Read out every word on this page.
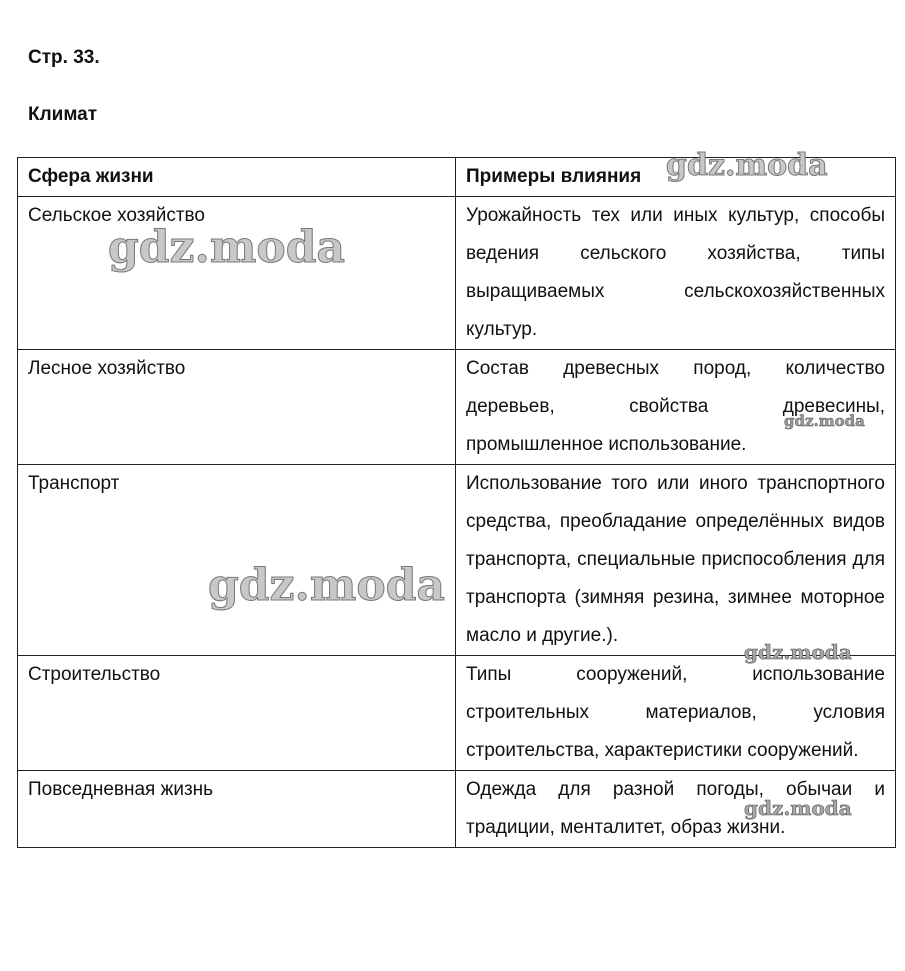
Стр. 33.
Климат
Сфера жизни	Примеры влияния
Сельское хозяйство	Урожайность тех или иных культур, способы ведения сельского хозяйства, типы выращиваемых сельскохозяйственных культур.
Лесное хозяйство	Состав древесных пород, количество деревьев, свойства древесины, промышленное использование.
Транспорт	Использование того или иного транспортного средства, преобладание определённых видов транспорта, специальные приспособления для транспорта (зимняя резина, зимнее моторное масло и другие.).
Строительство	Типы сооружений, использование строительных материалов, условия строительства, характеристики сооружений.
Повседневная жизнь	Одежда для разной погоды, обычаи и традиции, менталитет, образ жизни.
gdz.moda
gdz.moda
gdz.moda
gdz.moda
gdz.moda
gdz.moda
